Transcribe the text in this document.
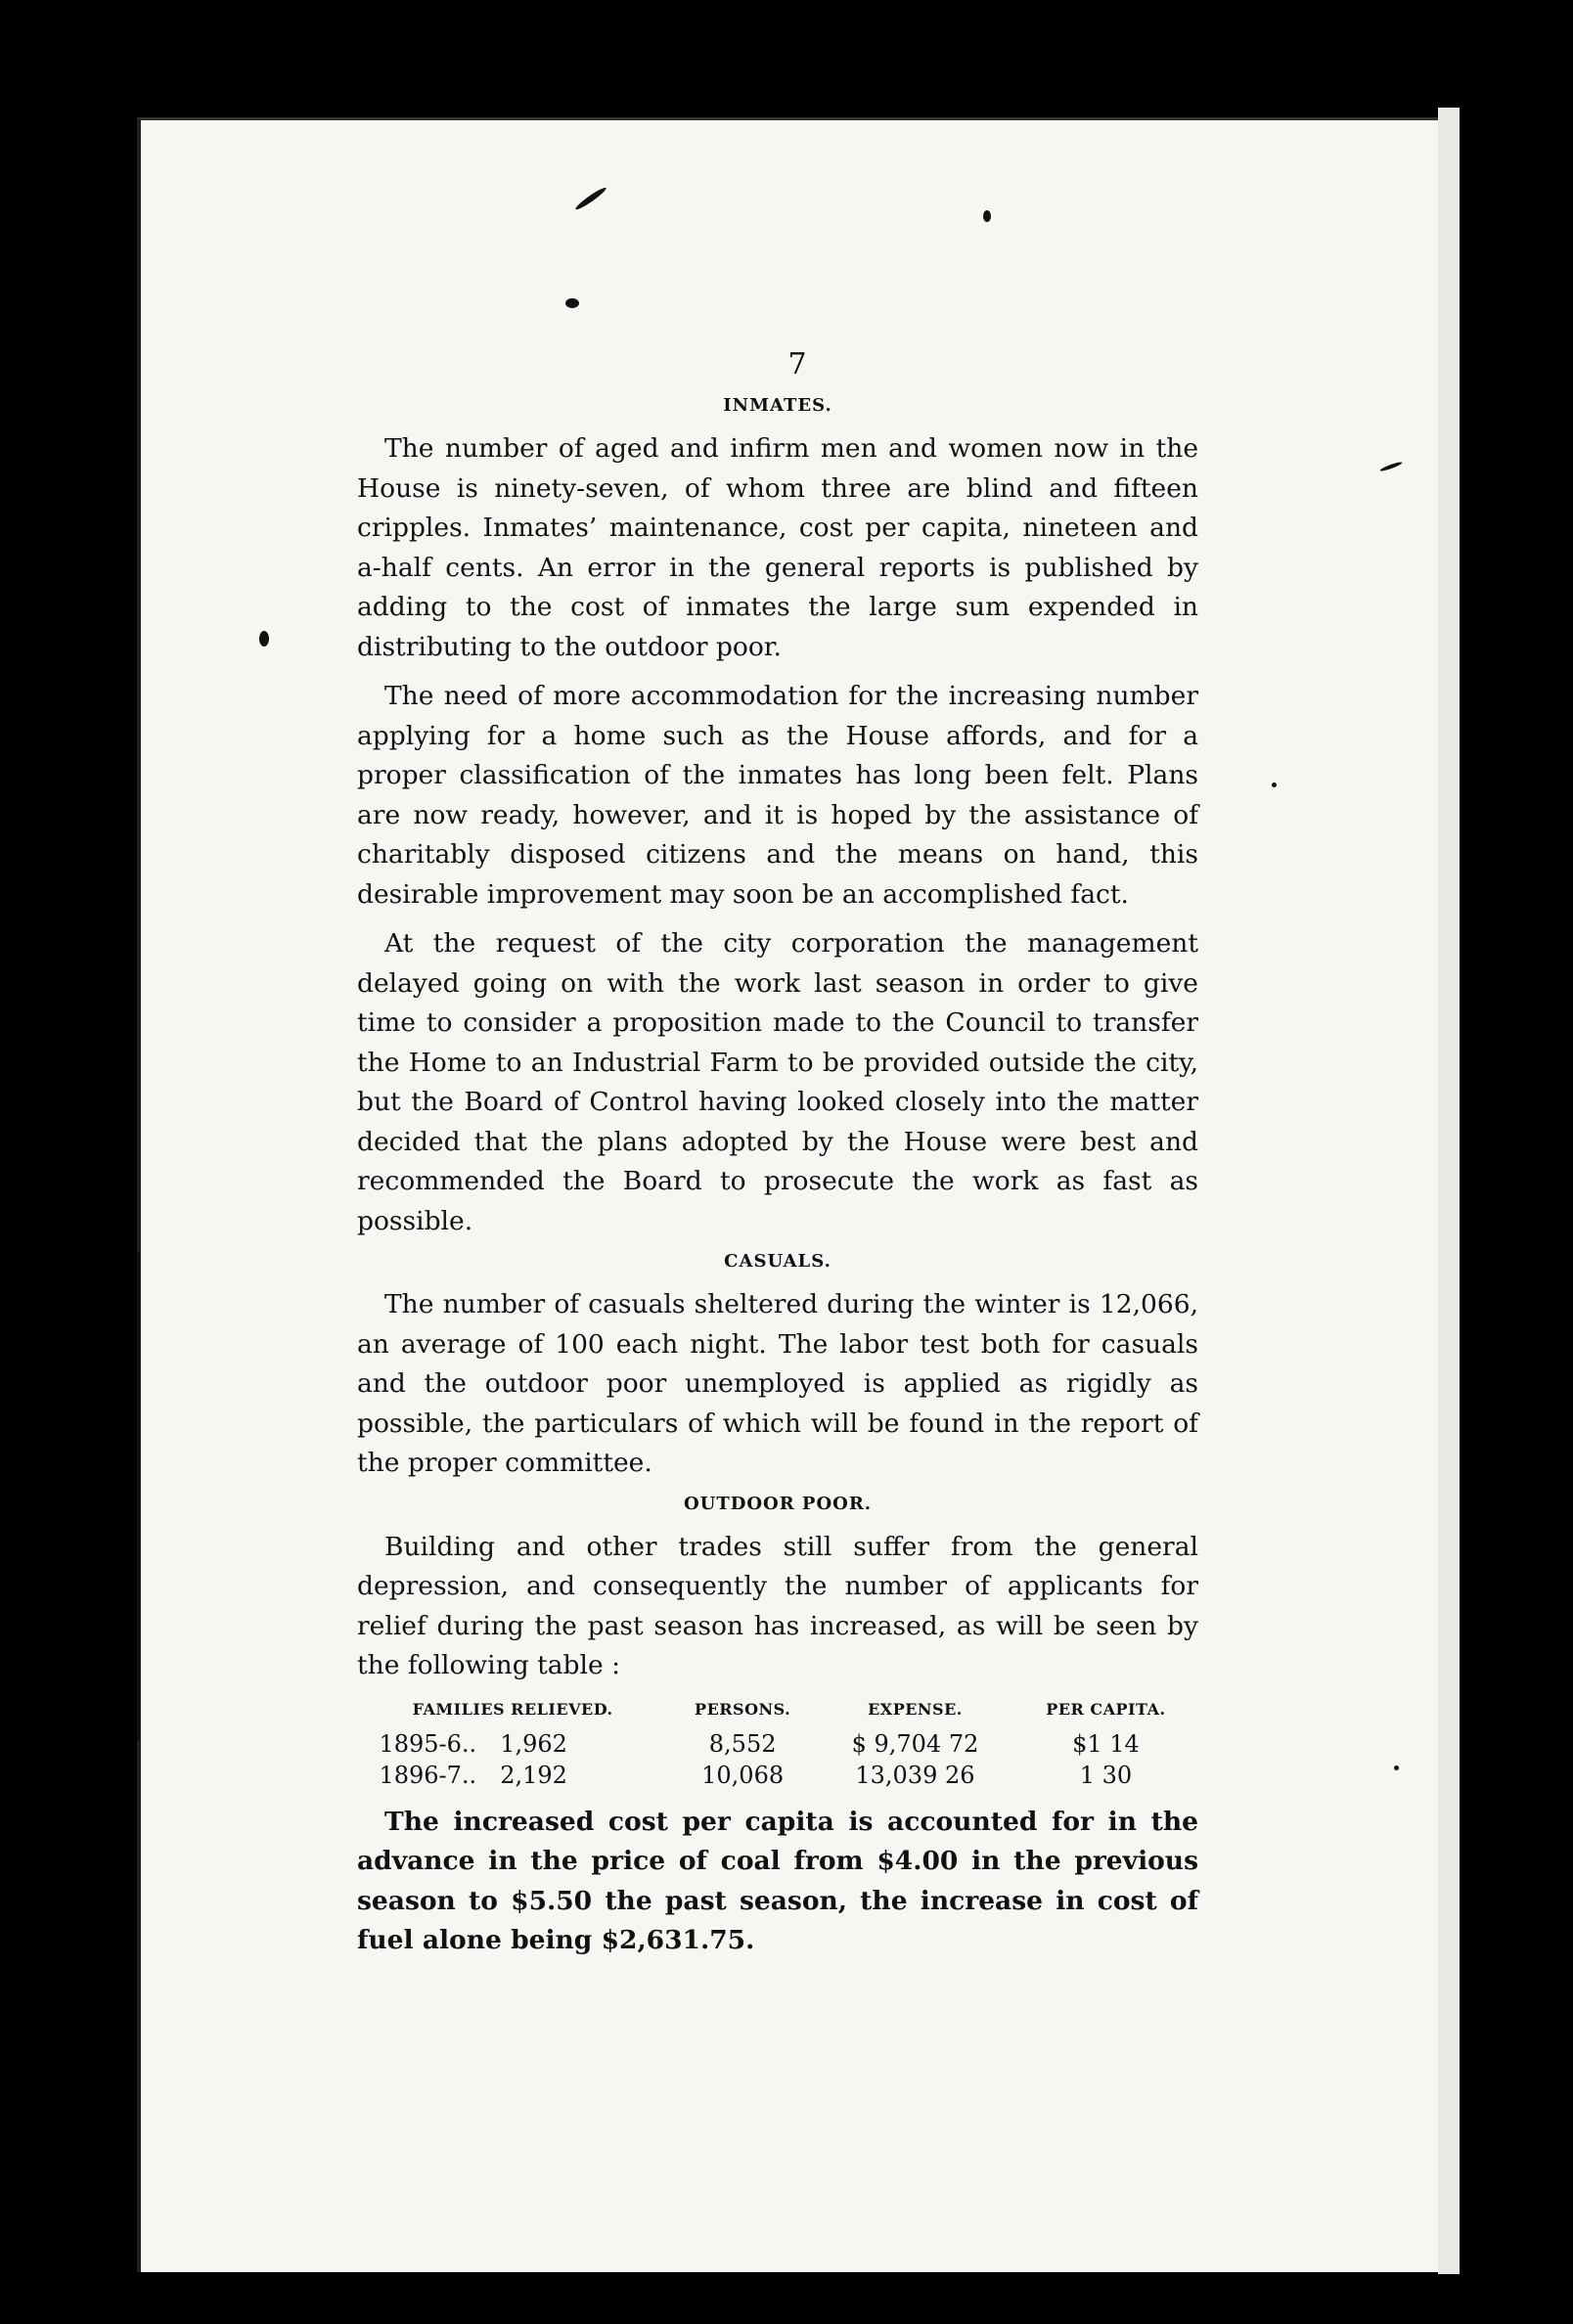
7
INMATES.

The number of aged and infirm men and women now in the House is ninety-seven, of whom three are blind and fifteen cripples. Inmates’ maintenance, cost per capita, nineteen and a-half cents. An error in the general reports is published by adding to the cost of inmates the large sum expended in distributing to the outdoor poor.

The need of more accommodation for the increasing number applying for a home such as the House affords, and for a proper classification of the inmates has long been felt. Plans are now ready, however, and it is hoped by the assistance of charitably disposed citizens and the means on hand, this desirable improvement may soon be an accomplished fact.

At the request of the city corporation the management delayed going on with the work last season in order to give time to consider a proposition made to the Council to transfer the Home to an Industrial Farm to be provided outside the city, but the Board of Control having looked closely into the matter decided that the plans adopted by the House were best and recommended the Board to prosecute the work as fast as possible.

CASUALS.

The number of casuals sheltered during the winter is 12,066, an average of 100 each night. The labor test both for casuals and the outdoor poor unemployed is applied as rigidly as possible, the particulars of which will be found in the report of the proper committee.

OUTDOOR POOR.

Building and other trades still suffer from the general depression, and consequently the number of applicants for relief during the past season has increased, as will be seen by the following table :

FAMILIES RELIEVED.		PERSONS.	EXPENSE.	PER CAPITA.
1895-6..	1,962	8,552	$ 9,704 72	$1 14
1896-7..	2,192	10,068	13,039 26	1 30

The increased cost per capita is accounted for in the advance in the price of coal from $4.00 in the previous season to $5.50 the past season, the increase in cost of fuel alone being $2,631.75.
